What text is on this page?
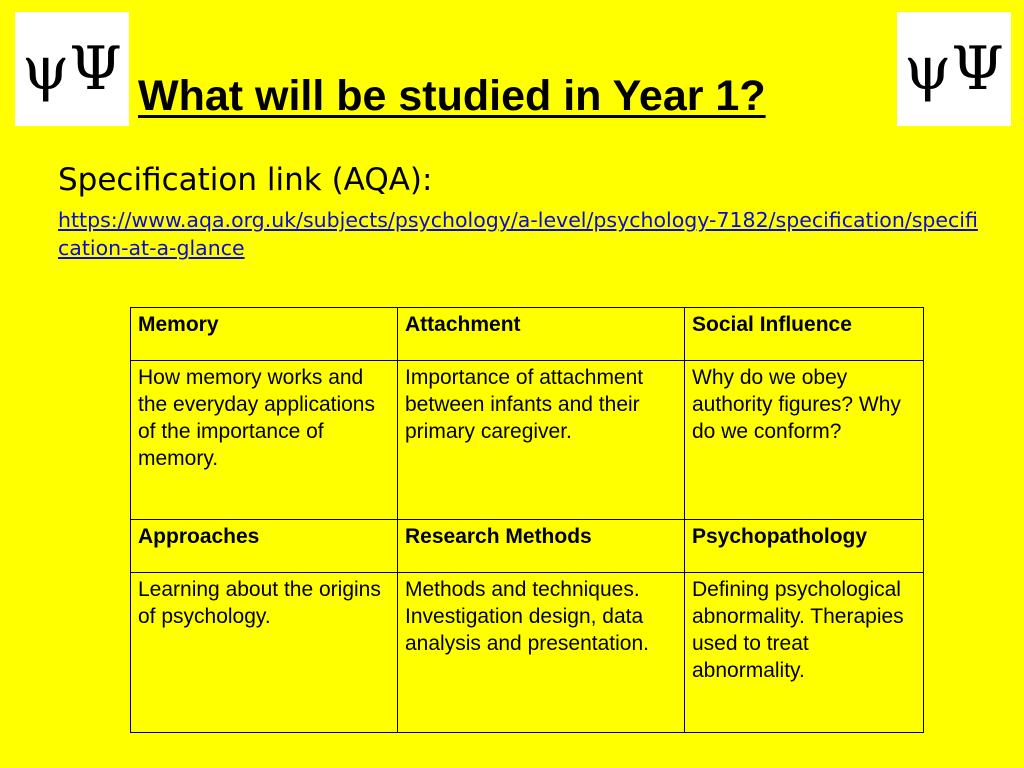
ψΨ What will be studied in Year 1?	ψΨ
Specification link (AQA):
https://www.aqa.org.uk/subjects/psychology/a-level/psychology-7182/specification/specification-at-a-glance
Memory	Attachment	Social Influence
How memory works and the everyday applications of the importance of memory.	Importance of attachment between infants and their primary caregiver.	Why do we obey authority figures? Why do we conform?
Approaches	Research Methods	Psychopathology
Learning about the origins of psychology.	Methods and techniques. Investigation design, data analysis and presentation.	Defining psychological abnormality. Therapies used to treat abnormality.
